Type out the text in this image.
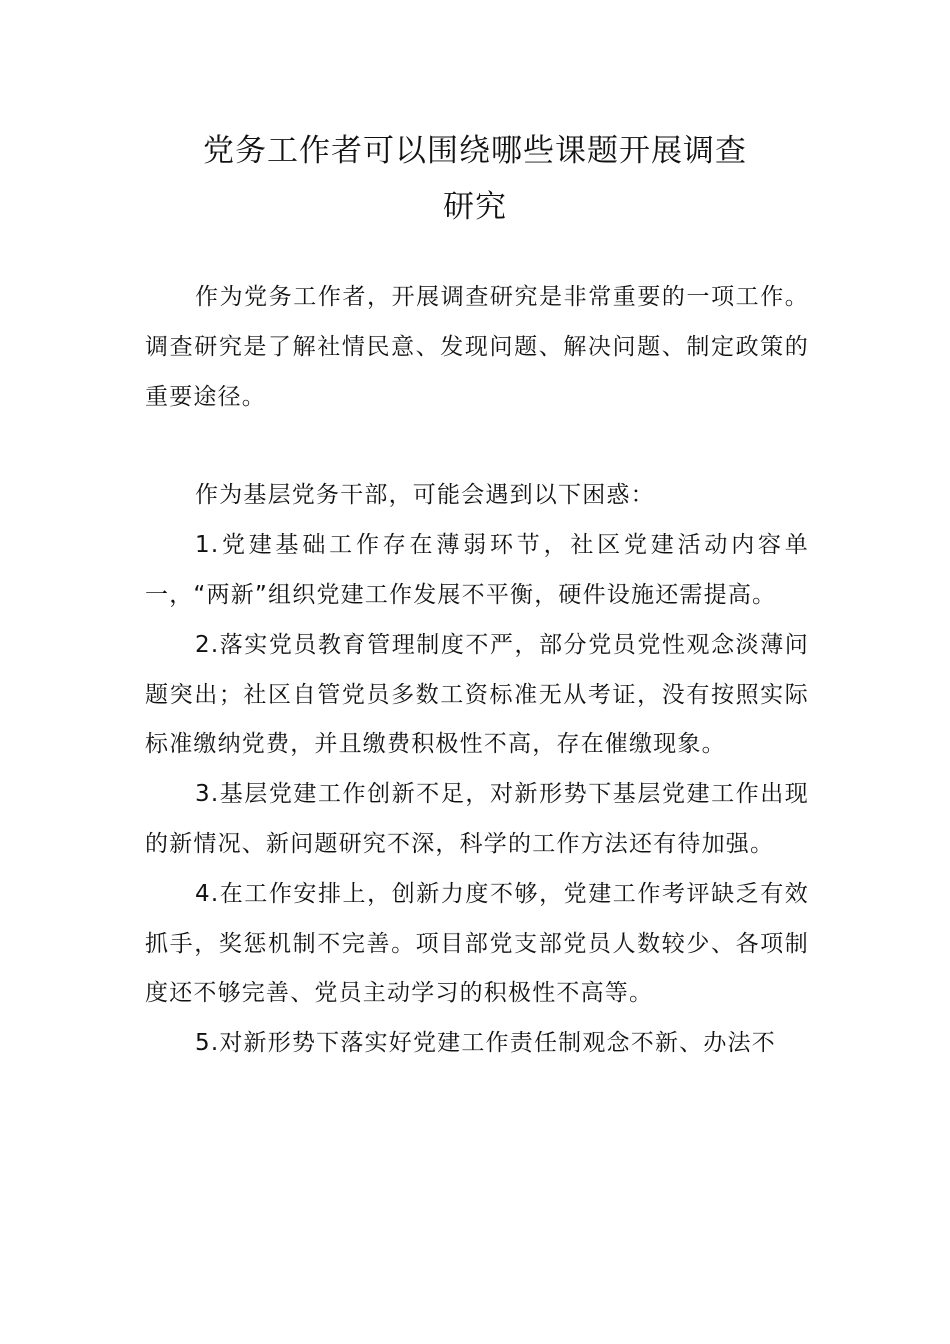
党务工作者可以围绕哪些课题开展调查
研究

作为党务工作者，开展调查研究是非常重要的一项工作。调查研究是了解社情民意、发现问题、解决问题、制定政策的重要途径。

作为基层党务干部，可能会遇到以下困惑：

1.党建基础工作存在薄弱环节，社区党建活动内容单一，“两新”组织党建工作发展不平衡，硬件设施还需提高。

2.落实党员教育管理制度不严，部分党员党性观念淡薄问题突出；社区自管党员多数工资标准无从考证，没有按照实际标准缴纳党费，并且缴费积极性不高，存在催缴现象。

3.基层党建工作创新不足，对新形势下基层党建工作出现的新情况、新问题研究不深，科学的工作方法还有待加强。

4.在工作安排上，创新力度不够，党建工作考评缺乏有效抓手，奖惩机制不完善。项目部党支部党员人数较少、各项制度还不够完善、党员主动学习的积极性不高等。

5.对新形势下落实好党建工作责任制观念不新、办法不
